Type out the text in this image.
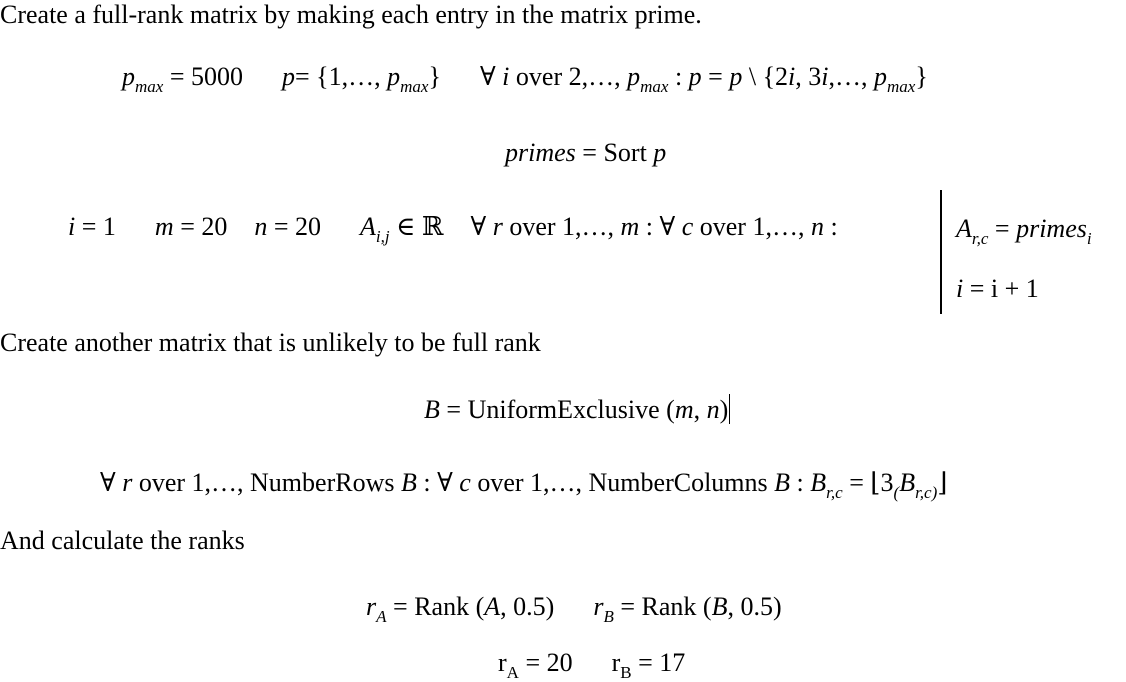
Create a full-rank matrix by making each entry in the matrix prime.
$p_{max} = 5000$ p= {1,…, $p_{max}$} ∀ i over 2,…, $p_{max}$ : p = p \ {2i, 3i,…, $p_{max}$}
primes = Sort p
i = 1 m = 20 n = 20 $A_{i,j}$ ∈ ℝ ∀ r over 1,…, m : ∀ c over 1,…, n :	$A_{r,c}$ = primes$_i$
i = i + 1
Create another matrix that is unlikely to be full rank
B = UniformExclusive (m, n)
∀ r over 1,…, NumberRows B : ∀ c over 1,…, NumberColumns B : $B_{r,c}$ = $⌊3_(B_{r,c)}⌋$
And calculate the ranks
$r_A$ = Rank (A, 0.5) $r_B$ = Rank (B, 0.5)
$r_A = 20$ $r_B = 17$
